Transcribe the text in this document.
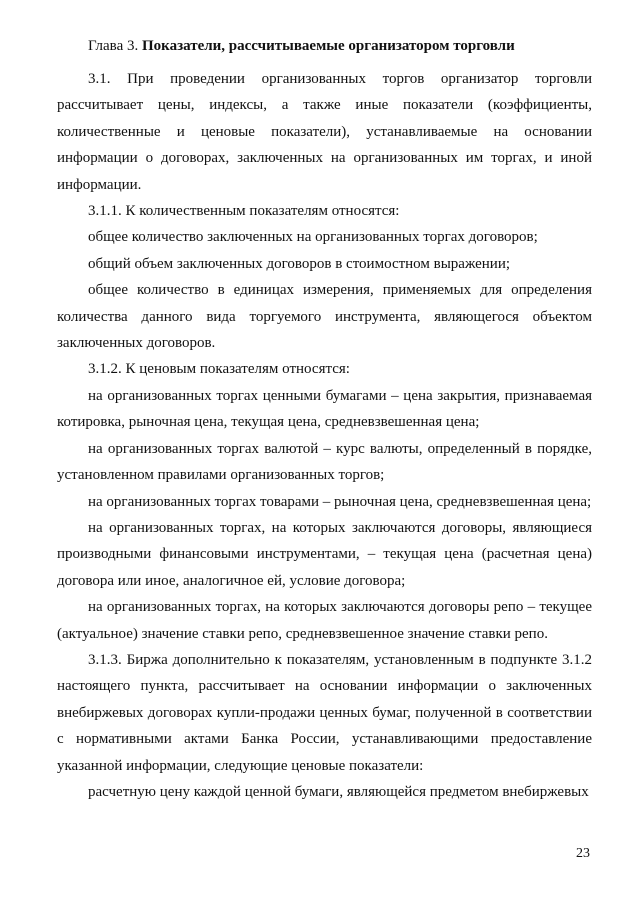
Глава 3. Показатели, рассчитываемые организатором торговли

3.1. При проведении организованных торгов организатор торговли рассчитывает цены, индексы, а также иные показатели (коэффициенты, количественные и ценовые показатели), устанавливаемые на основании информации о договорах, заключенных на организованных им торгах, и иной информации.

3.1.1. К количественным показателям относятся:

общее количество заключенных на организованных торгах договоров;

общий объем заключенных договоров в стоимостном выражении;

общее количество в единицах измерения, применяемых для определения количества данного вида торгуемого инструмента, являющегося объектом заключенных договоров.

3.1.2. К ценовым показателям относятся:

на организованных торгах ценными бумагами – цена закрытия, признаваемая котировка, рыночная цена, текущая цена, средневзвешенная цена;

на организованных торгах валютой – курс валюты, определенный в порядке, установленном правилами организованных торгов;

на организованных торгах товарами – рыночная цена, средневзвешенная цена;

на организованных торгах, на которых заключаются договоры, являющиеся производными финансовыми инструментами, – текущая цена (расчетная цена) договора или иное, аналогичное ей, условие договора;

на организованных торгах, на которых заключаются договоры репо – текущее (актуальное) значение ставки репо, средневзвешенное значение ставки репо.

3.1.3. Биржа дополнительно к показателям, установленным в подпункте 3.1.2 настоящего пункта, рассчитывает на основании информации о заключенных внебиржевых договорах купли-продажи ценных бумаг, полученной в соответствии с нормативными актами Банка России, устанавливающими предоставление указанной информации, следующие ценовые показатели:

расчетную цену каждой ценной бумаги, являющейся предметом внебиржевых

23
